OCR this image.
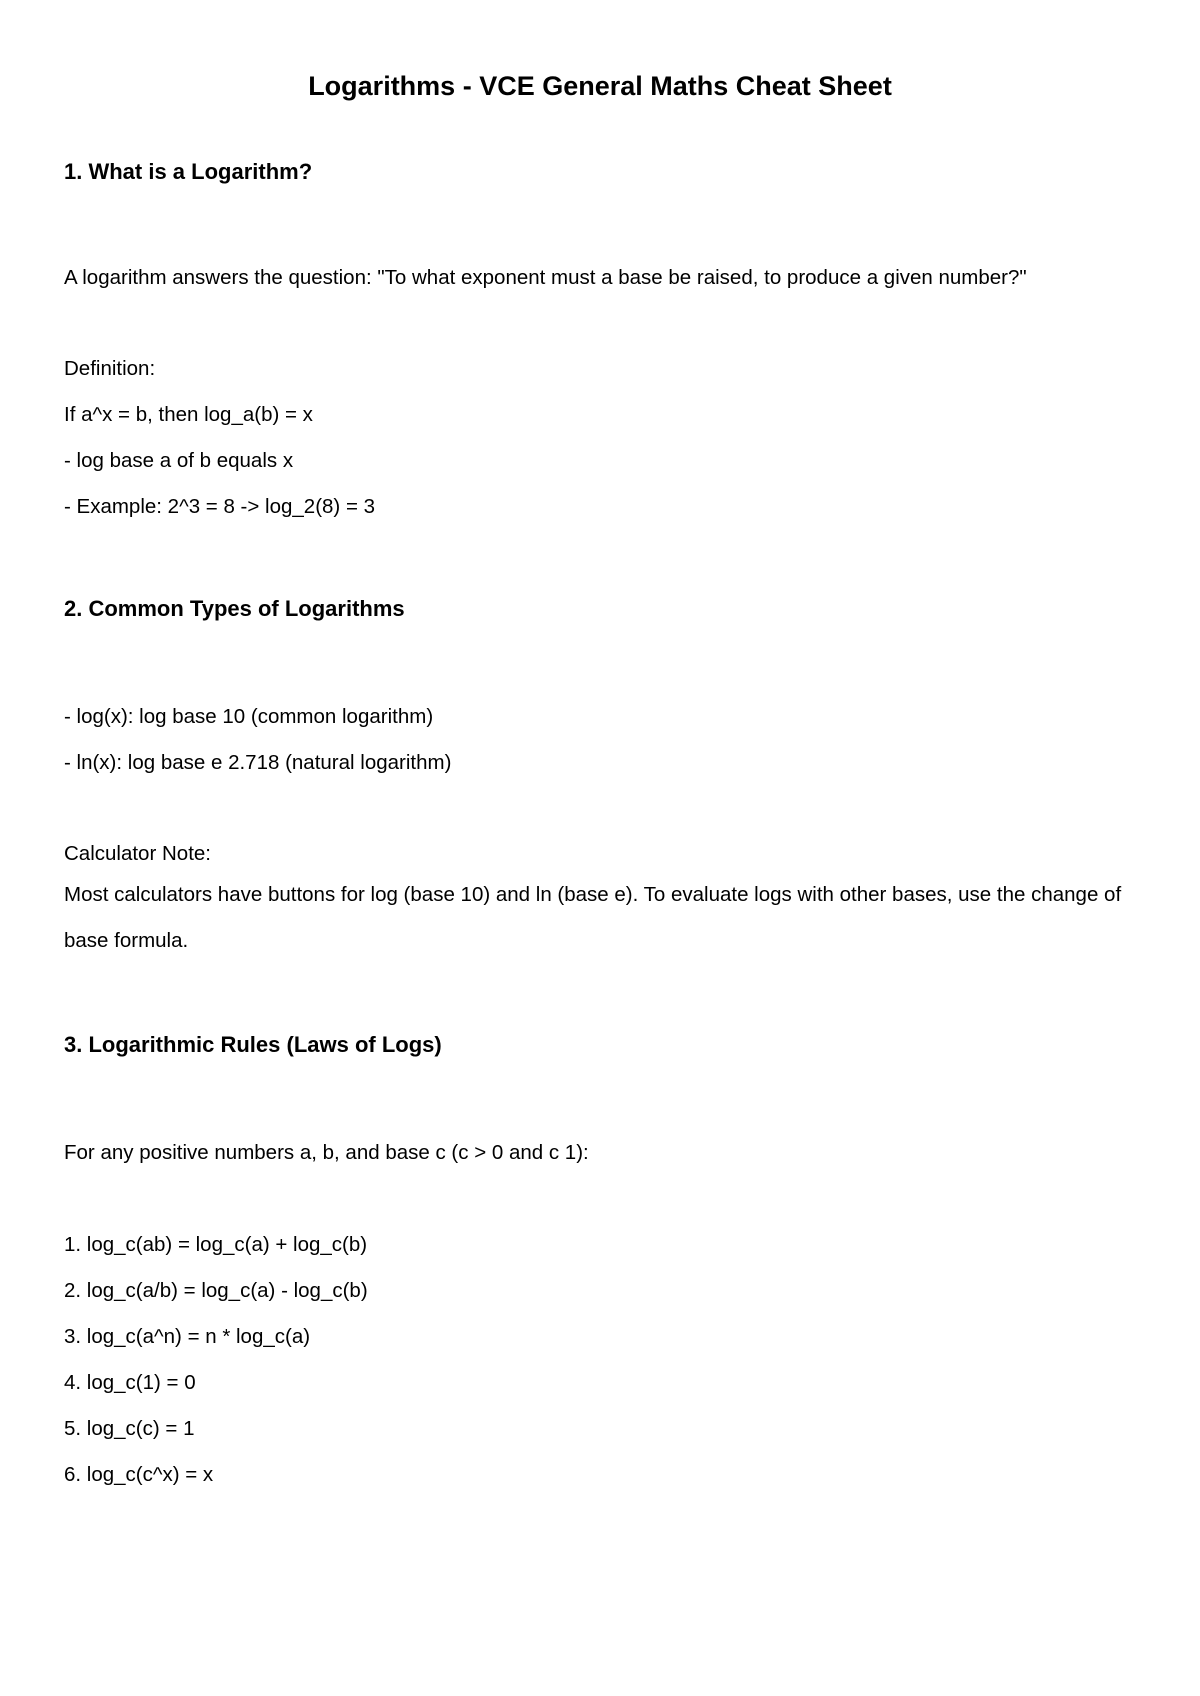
Logarithms - VCE General Maths Cheat Sheet

1. What is a Logarithm?

A logarithm answers the question: "To what exponent must a base be raised, to produce a given number?"

Definition:

If a^x = b, then log_a(b) = x

- log base a of b equals x

- Example: 2^3 = 8 -> log_2(8) = 3

2. Common Types of Logarithms

- log(x): log base 10 (common logarithm)

- ln(x): log base e 2.718 (natural logarithm)

Calculator Note:

Most calculators have buttons for log (base 10) and ln (base e). To evaluate logs with other bases, use the change of base formula.

3. Logarithmic Rules (Laws of Logs)

For any positive numbers a, b, and base c (c > 0 and c 1):

1. log_c(ab) = log_c(a) + log_c(b)

2. log_c(a/b) = log_c(a) - log_c(b)

3. log_c(a^n) = n * log_c(a)

4. log_c(1) = 0

5. log_c(c) = 1

6. log_c(c^x) = x
